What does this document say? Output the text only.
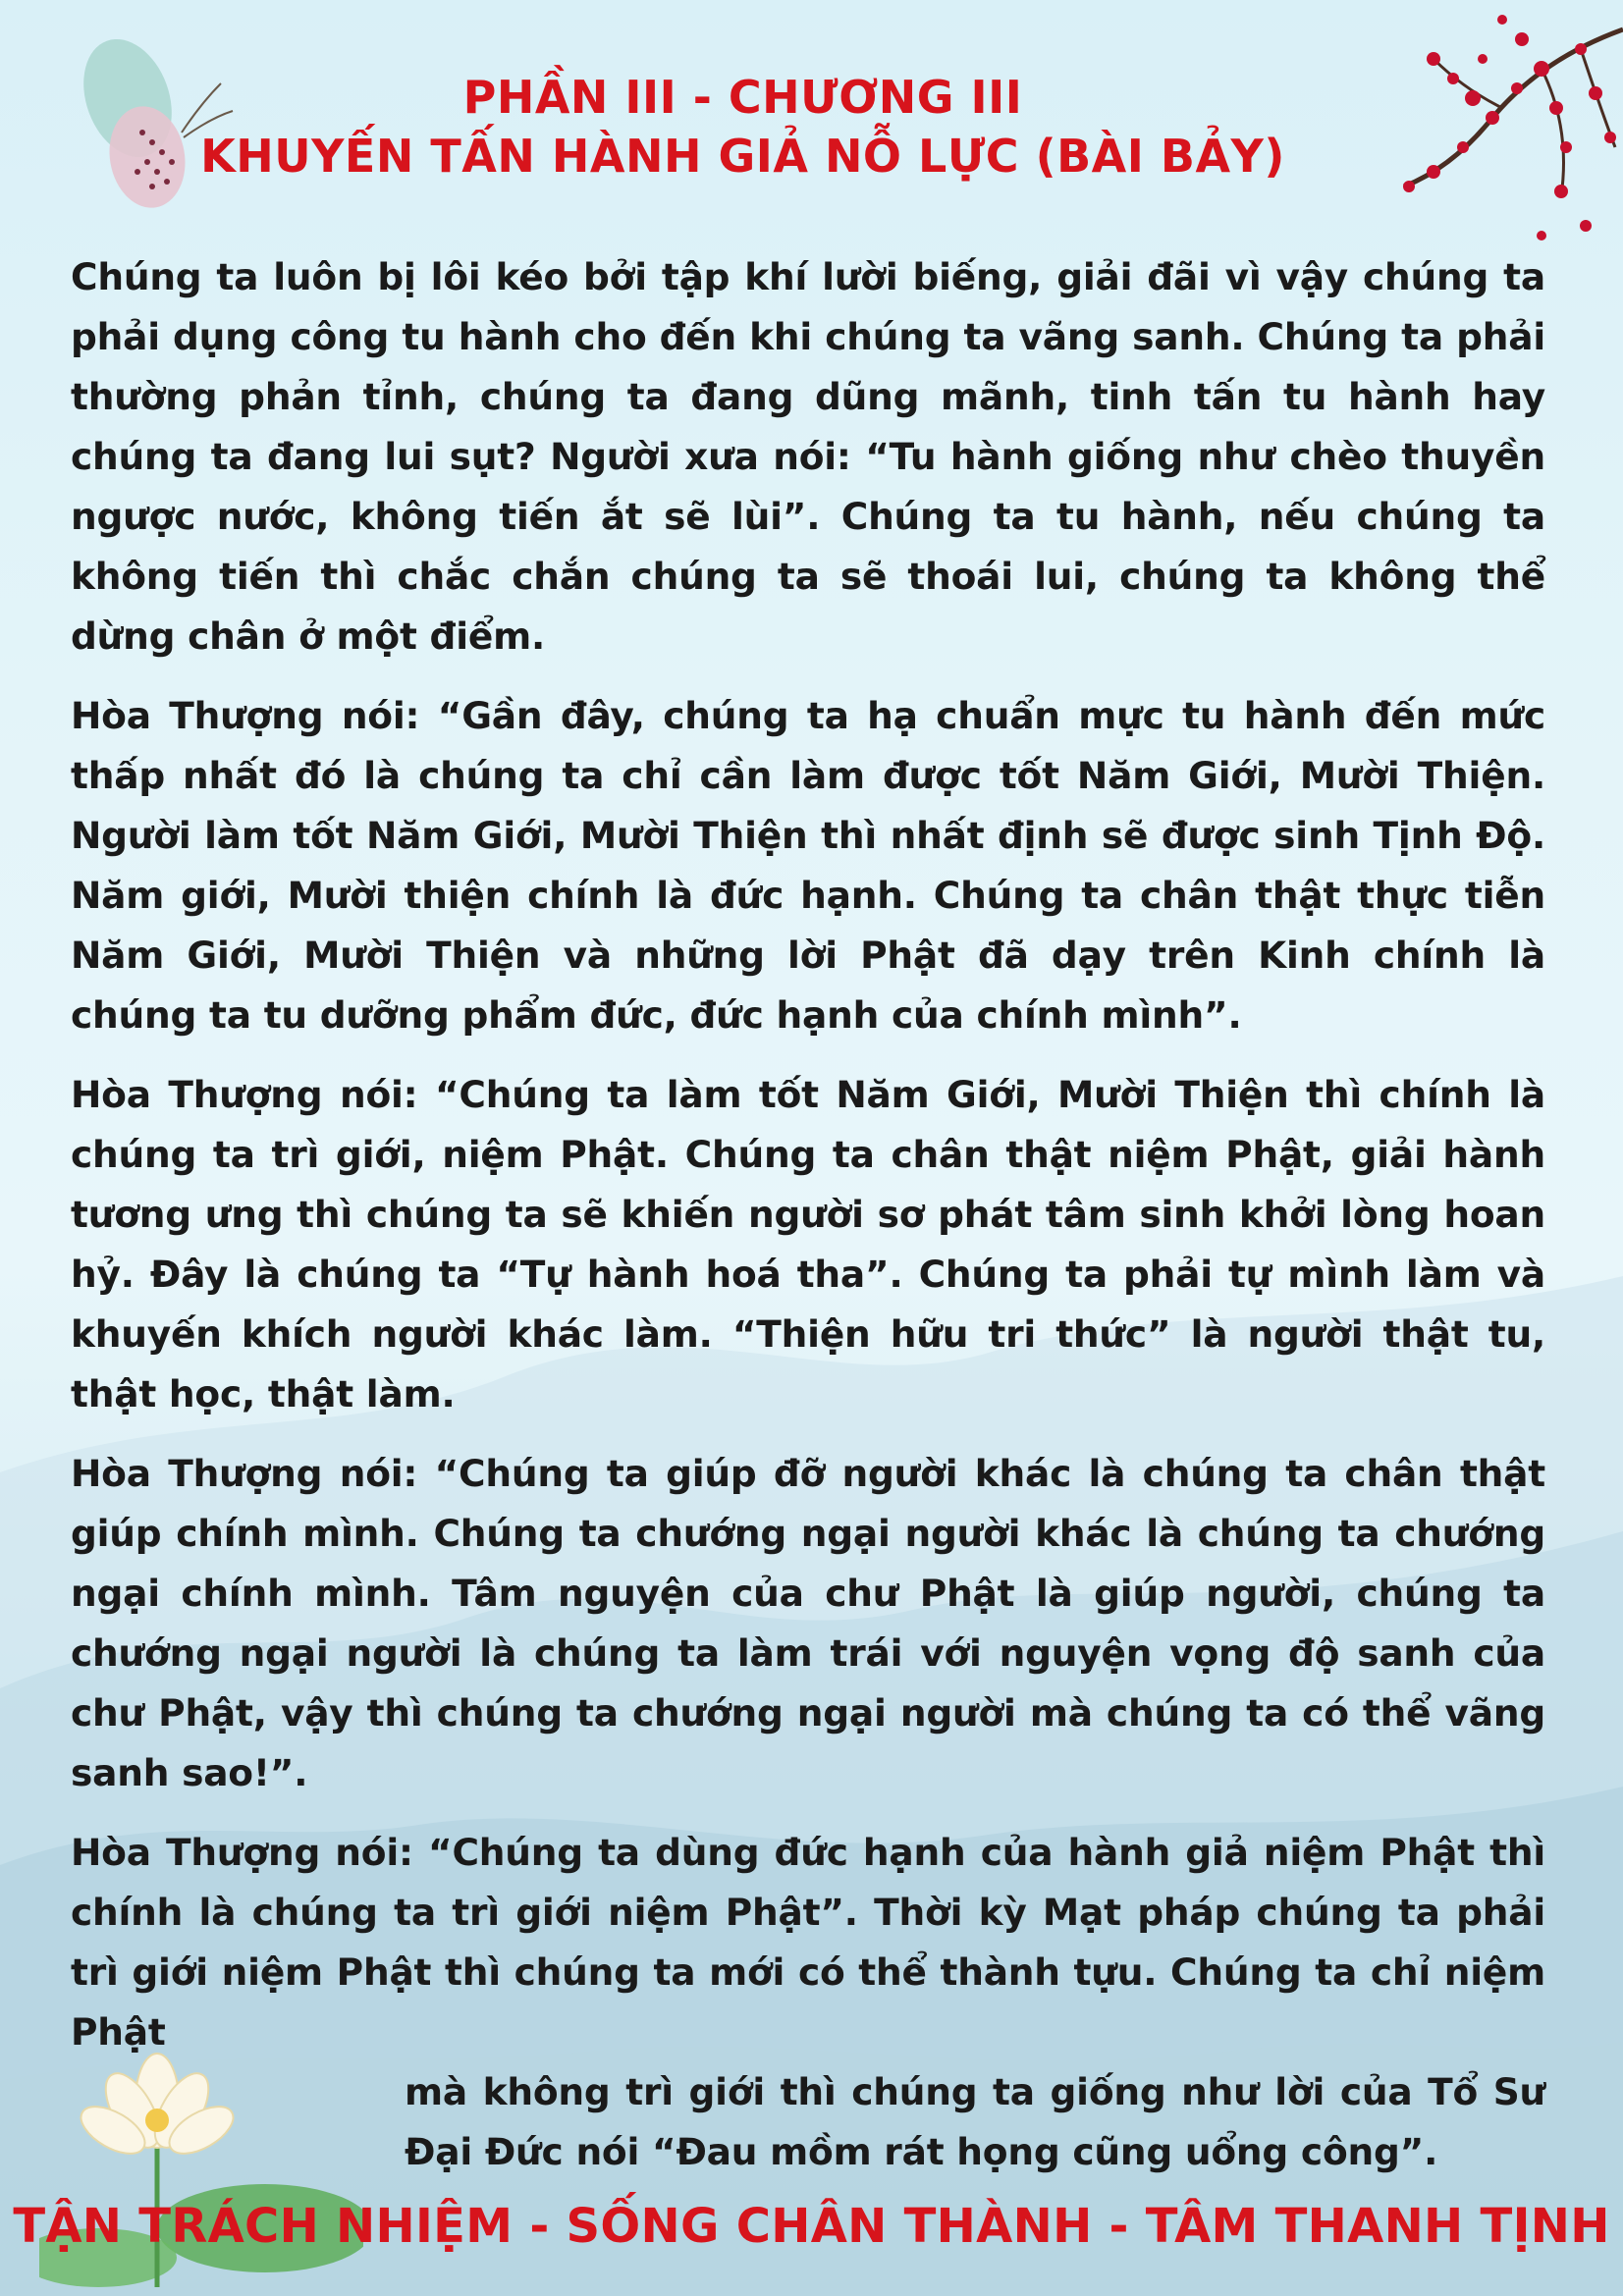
PHẦN III - CHƯƠNG III
KHUYẾN TẤN HÀNH GIẢ NỖ LỰC (BÀI BẢY)

Chúng ta luôn bị lôi kéo bởi tập khí lười biếng, giải đãi vì vậy chúng ta phải dụng công tu hành cho đến khi chúng ta vãng sanh. Chúng ta phải thường phản tỉnh, chúng ta đang dũng mãnh, tinh tấn tu hành hay chúng ta đang lui sụt? Người xưa nói: “Tu hành giống như chèo thuyền ngược nước, không tiến ắt sẽ lùi”. Chúng ta tu hành, nếu chúng ta không tiến thì chắc chắn chúng ta sẽ thoái lui, chúng ta không thể dừng chân ở một điểm.

Hòa Thượng nói: “Gần đây, chúng ta hạ chuẩn mực tu hành đến mức thấp nhất đó là chúng ta chỉ cần làm được tốt Năm Giới, Mười Thiện. Người làm tốt Năm Giới, Mười Thiện thì nhất định sẽ được sinh Tịnh Độ. Năm giới, Mười thiện chính là đức hạnh. Chúng ta chân thật thực tiễn Năm Giới, Mười Thiện và những lời Phật đã dạy trên Kinh chính là chúng ta tu dưỡng phẩm đức, đức hạnh của chính mình”.

Hòa Thượng nói: “Chúng ta làm tốt Năm Giới, Mười Thiện thì chính là chúng ta trì giới, niệm Phật. Chúng ta chân thật niệm Phật, giải hành tương ưng thì chúng ta sẽ khiến người sơ phát tâm sinh khởi lòng hoan hỷ. Đây là chúng ta “Tự hành hoá tha”. Chúng ta phải tự mình làm và khuyến khích người khác làm. “Thiện hữu tri thức” là người thật tu, thật học, thật làm.

Hòa Thượng nói: “Chúng ta giúp đỡ người khác là chúng ta chân thật giúp chính mình. Chúng ta chướng ngại người khác là chúng ta chướng ngại chính mình. Tâm nguyện của chư Phật là giúp người, chúng ta chướng ngại người là chúng ta làm trái với nguyện vọng độ sanh của chư Phật, vậy thì chúng ta chướng ngại người mà chúng ta có thể vãng sanh sao!”.

Hòa Thượng nói: “Chúng ta dùng đức hạnh của hành giả niệm Phật thì chính là chúng ta trì giới niệm Phật”. Thời kỳ Mạt pháp chúng ta phải trì giới niệm Phật thì chúng ta mới có thể thành tựu. Chúng ta chỉ niệm Phật

mà không trì giới thì chúng ta giống như lời của Tổ Sư Đại Đức nói “Đau mồm rát họng cũng uổng công”.

TẬN TRÁCH NHIỆM - SỐNG CHÂN THÀNH - TÂM THANH TỊNH
